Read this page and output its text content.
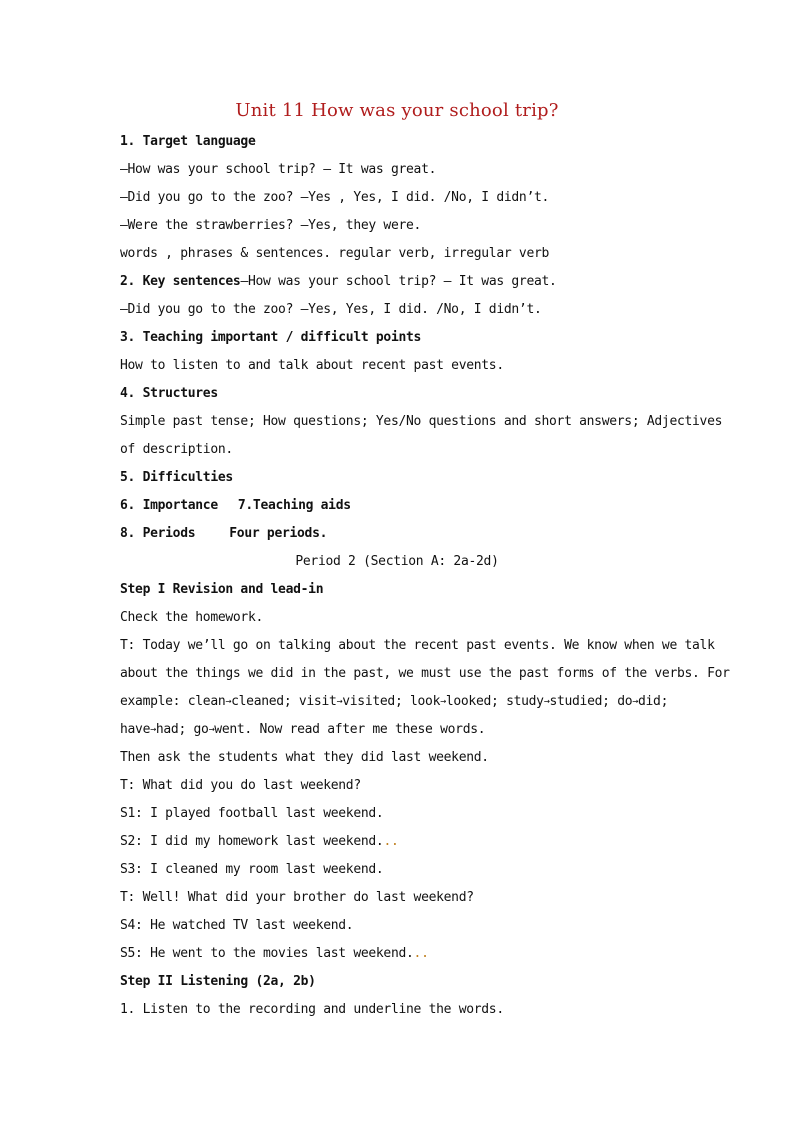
Unit 11 How was your school trip?
1. Target language
—How was your school trip? — It was great.
—Did you go to the zoo? —Yes , Yes, I did. /No, I didn’t.
—Were the strawberries? —Yes, they were.
words , phrases & sentences. regular verb, irregular verb
2. Key sentences—How was your school trip? — It was great.
—Did you go to the zoo? —Yes, Yes, I did. /No, I didn’t.
3. Teaching important / difficult points
How to listen to and talk about recent past events.
4. Structures
Simple past tense; How questions; Yes/No questions and short answers; Adjectives
of description.
5. Difficulties
6. Importance 7.Teaching aids
8. Periods	Four periods.
Period 2 (Section A: 2a-2d)
Step I Revision and lead-in
Check the homework.
T: Today we’ll go on talking about the recent past events. We know when we talk
about the things we did in the past, we must use the past forms of the verbs. For
example: clean→cleaned; visit→visited; look→looked; study→studied; do→did;
have→had; go→went. Now read after me these words.
Then ask the students what they did last weekend.
T: What did you do last weekend?
S1: I played football last weekend.
S2: I did my homework last weekend...
S3: I cleaned my room last weekend.
T: Well! What did your brother do last weekend?
S4: He watched TV last weekend.
S5: He went to the movies last weekend...
Step II Listening (2a, 2b)
1. Listen to the recording and underline the words.
